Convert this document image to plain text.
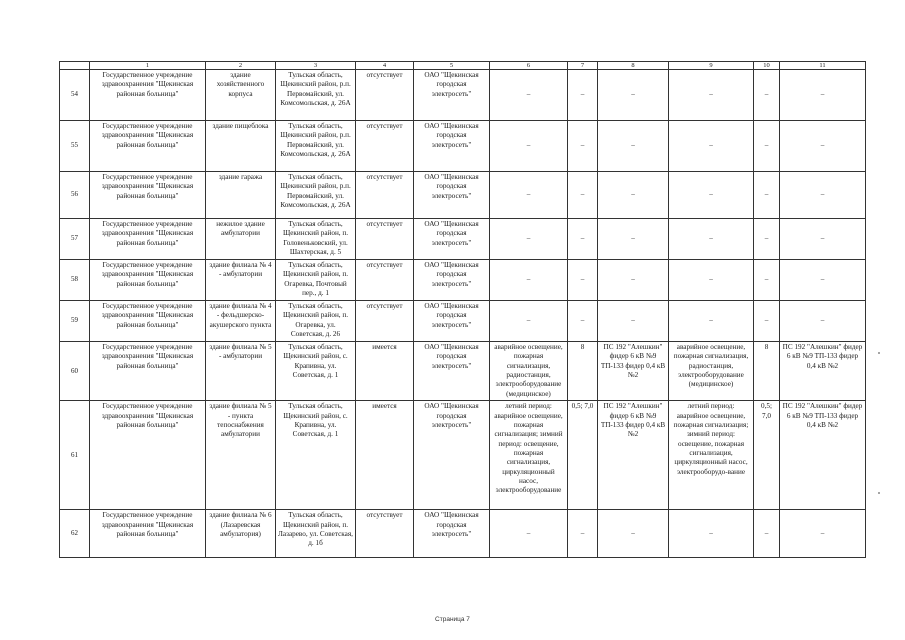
	1	2	3	4	5	6	7	8	9	10	11
54	Государственное учреждение здравоохранения "Щекинская районная больница"	здание хозяйственного корпуса	Тульская область, Щекинский район, р.п. Первомайский, ул. Комсомольская, д. 26А	отсутствует	ОАО "Щекинская городская электросеть"	–	–	–	–	–	–
55	Государственное учреждение здравоохранения "Щекинская районная больница"	здание пищеблока	Тульская область, Щекинский район, р.п. Первомайский, ул. Комсомольская, д. 26А	отсутствует	ОАО "Щекинская городская электросеть"	–	–	–	–	–	–
56	Государственное учреждение здравоохранения "Щекинская районная больница"	здание гаража	Тульская область, Щекинский район, р.п. Первомайский, ул. Комсомольская, д. 26А	отсутствует	ОАО "Щекинская городская электросеть"	–	–	–	–	–	–
57	Государственное учреждение здравоохранения "Щекинская районная больница"	нежилое здание амбулатории	Тульская область, Щекинский район, п. Головеньковский, ул. Шахтерская, д. 5	отсутствует	ОАО "Щекинская городская электросеть"	–	–	–	–	–	–
58	Государственное учреждение здравоохранения "Щекинская районная больница"	здание филиала № 4 - амбулатории	Тульская область, Щекинский район, п. Огаревка, Почтовый пер., д. 1	отсутствует	ОАО "Щекинская городская электросеть"	–	–	–	–	–	–
59	Государственное учреждение здравоохранения "Щекинская районная больница"	здание филиала № 4 - фельдшерско-акушерского пункта	Тульская область, Щекинский район, п. Огаревка, ул. Советская, д. 26	отсутствует	ОАО "Щекинская городская электросеть"	–	–	–	–	–	–
60	Государственное учреждение здравоохранения "Щекинская районная больница"	здание филиала № 5 - амбулатории	Тульская область, Щекинский район, с. Крапивна, ул. Советская, д. 1	имеется	ОАО "Щекинская городская электросеть"	аварийное освещение, пожарная сигнализация, радиостанция, электрооборудование (медицинское)	8	ПС 192 "Алешкин" фидер 6 кВ №9 ТП-133 фидер 0,4 кВ №2	аварийное освещение, пожарная сигнализация, радиостанция, электрооборудование (медицинское)	8	ПС 192 "Алешкин" фидер 6 кВ №9 ТП-133 фидер 0,4 кВ №2
61	Государственное учреждение здравоохранения "Щекинская районная больница"	здание филиала № 5 - пункта тепоснабжения амбулатории	Тульская область, Щекинский район, с. Крапивна, ул. Советская, д. 1	имеется	ОАО "Щекинская городская электросеть"	летний период: аварийное освещение, пожарная сигнализация; зимний период: освещение, пожарная сигнализация, циркуляционный насос, электрооборудование	0,5; 7,0	ПС 192 "Алешкин" фидер 6 кВ №9 ТП-133 фидер 0,4 кВ №2	летний период: аварийное освещение, пожарная сигнализация; зимний период: освещение, пожарная сигнализация, циркуляционный насос, электрооборудо-вание	0,5; 7,0	ПС 192 "Алешкин" фидер 6 кВ №9 ТП-133 фидер 0,4 кВ №2
62	Государственное учреждение здравоохранения "Щекинская районная больница"	здание филиала № 6 (Лазаревская амбулатория)	Тульская область, Щекинский район, п. Лазарево, ул. Советская, д. 1б	отсутствует	ОАО "Щекинская городская электросеть"	–	–	–	–	–	–
Страница 7
